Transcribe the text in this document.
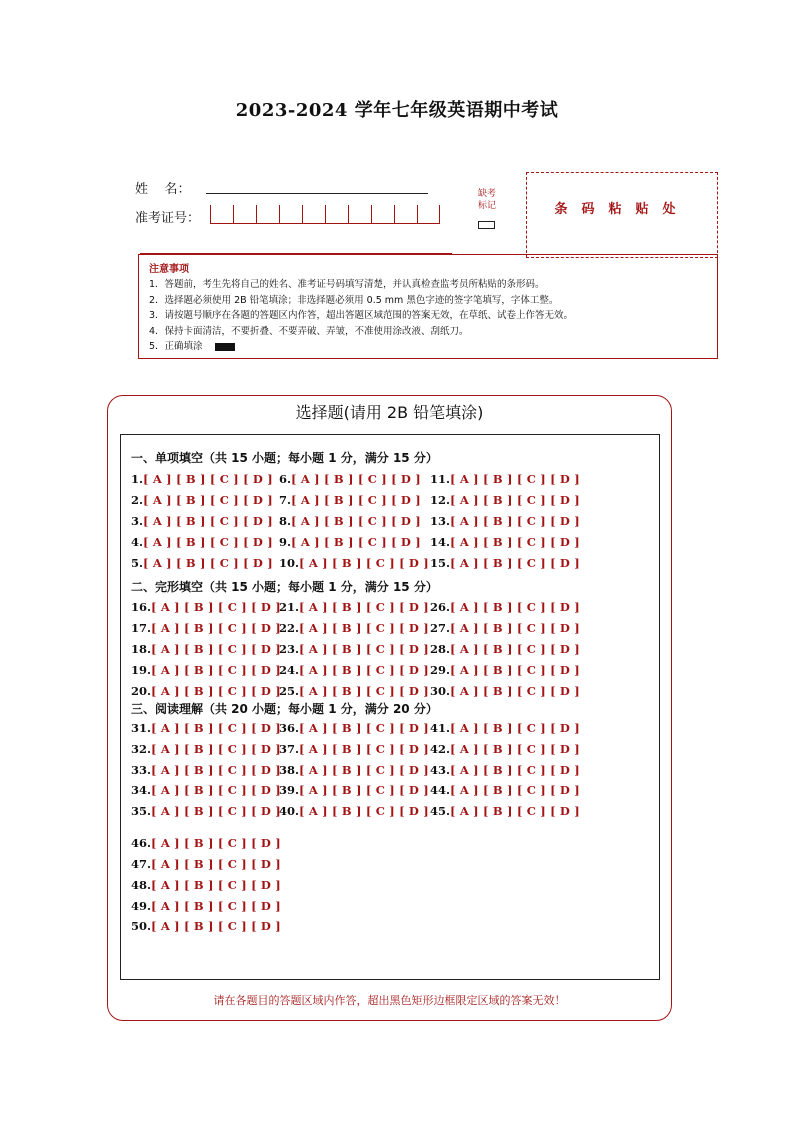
2023-2024 学年七年级英语期中考试
姓    名：
准考证号：
缺考
标记	条码粘贴处
注意事项
1．答题前，考生先将自己的姓名、准考证号码填写清楚，并认真检查监考员所粘贴的条形码。
2．选择题必须使用 2B 铅笔填涂；非选择题必须用 0.5 mm 黑色字迹的签字笔填写，字体工整。
3．请按题号顺序在各题的答题区内作答，超出答题区域范围的答案无效，在草纸、试卷上作答无效。
4．保持卡面清洁，不要折叠、不要弄破、弄皱，不准使用涂改液、刮纸刀。
5．正确填涂
选择题(请用 2B 铅笔填涂)
一、单项填空（共 15 小题；每小题 1 分，满分 15 分）
二、完形填空（共 15 小题；每小题 1 分，满分 15 分）
三、阅读理解（共 20 小题；每小题 1 分，满分 20 分）
1.[ A ] [ B ] [ C ] [ D ]
2.[ A ] [ B ] [ C ] [ D ]
3.[ A ] [ B ] [ C ] [ D ]
4.[ A ] [ B ] [ C ] [ D ]
5.[ A ] [ B ] [ C ] [ D ]
6.[ A ] [ B ] [ C ] [ D ]
7.[ A ] [ B ] [ C ] [ D ]
8.[ A ] [ B ] [ C ] [ D ]
9.[ A ] [ B ] [ C ] [ D ]
10.[ A ] [ B ] [ C ] [ D ]
11.[ A ] [ B ] [ C ] [ D ]
12.[ A ] [ B ] [ C ] [ D ]
13.[ A ] [ B ] [ C ] [ D ]
14.[ A ] [ B ] [ C ] [ D ]
15.[ A ] [ B ] [ C ] [ D ]
16.[ A ] [ B ] [ C ] [ D ]
17.[ A ] [ B ] [ C ] [ D ]
18.[ A ] [ B ] [ C ] [ D ]
19.[ A ] [ B ] [ C ] [ D ]
20.[ A ] [ B ] [ C ] [ D ]
21.[ A ] [ B ] [ C ] [ D ]
22.[ A ] [ B ] [ C ] [ D ]
23.[ A ] [ B ] [ C ] [ D ]
24.[ A ] [ B ] [ C ] [ D ]
25.[ A ] [ B ] [ C ] [ D ]
26.[ A ] [ B ] [ C ] [ D ]
27.[ A ] [ B ] [ C ] [ D ]
28.[ A ] [ B ] [ C ] [ D ]
29.[ A ] [ B ] [ C ] [ D ]
30.[ A ] [ B ] [ C ] [ D ]
31.[ A ] [ B ] [ C ] [ D ]
32.[ A ] [ B ] [ C ] [ D ]
33.[ A ] [ B ] [ C ] [ D ]
34.[ A ] [ B ] [ C ] [ D ]
35.[ A ] [ B ] [ C ] [ D ]
36.[ A ] [ B ] [ C ] [ D ]
37.[ A ] [ B ] [ C ] [ D ]
38.[ A ] [ B ] [ C ] [ D ]
39.[ A ] [ B ] [ C ] [ D ]
40.[ A ] [ B ] [ C ] [ D ]
41.[ A ] [ B ] [ C ] [ D ]
42.[ A ] [ B ] [ C ] [ D ]
43.[ A ] [ B ] [ C ] [ D ]
44.[ A ] [ B ] [ C ] [ D ]
45.[ A ] [ B ] [ C ] [ D ]
46.[ A ] [ B ] [ C ] [ D ]
47.[ A ] [ B ] [ C ] [ D ]
48.[ A ] [ B ] [ C ] [ D ]
49.[ A ] [ B ] [ C ] [ D ]
50.[ A ] [ B ] [ C ] [ D ]
请在各题目的答题区域内作答，超出黑色矩形边框限定区域的答案无效！
